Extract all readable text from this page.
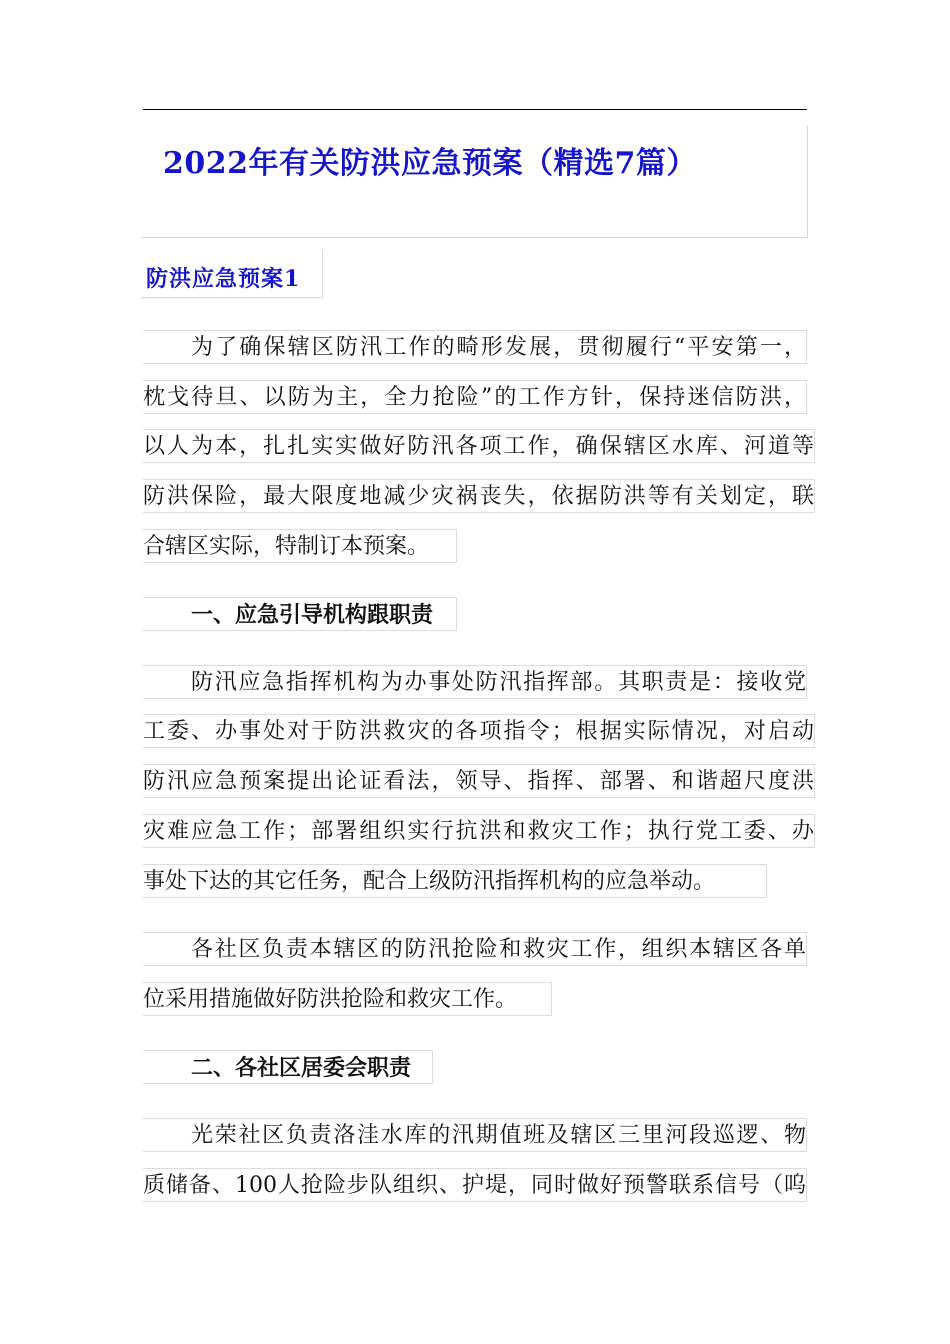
2022年有关防洪应急预案（精选7篇）
防洪应急预案1
为了确保辖区防汛工作的畸形发展，贯彻履行“平安第一，
枕戈待旦、以防为主，全力抢险”的工作方针，保持迷信防洪，
以人为本，扎扎实实做好防汛各项工作，确保辖区水库、河道等
防洪保险，最大限度地减少灾祸丧失，依据防洪等有关划定，联
合辖区实际，特制订本预案。
一、应急引导机构跟职责
防汛应急指挥机构为办事处防汛指挥部。其职责是：接收党
工委、办事处对于防洪救灾的各项指令；根据实际情况，对启动
防汛应急预案提出论证看法，领导、指挥、部署、和谐超尺度洪
灾难应急工作；部署组织实行抗洪和救灾工作；执行党工委、办
事处下达的其它任务，配合上级防汛指挥机构的应急举动。
各社区负责本辖区的防汛抢险和救灾工作，组织本辖区各单
位采用措施做好防洪抢险和救灾工作。
二、各社区居委会职责
光荣社区负责洛洼水库的汛期值班及辖区三里河段巡逻、物
质储备、100人抢险步队组织、护堤，同时做好预警联系信号（呜
